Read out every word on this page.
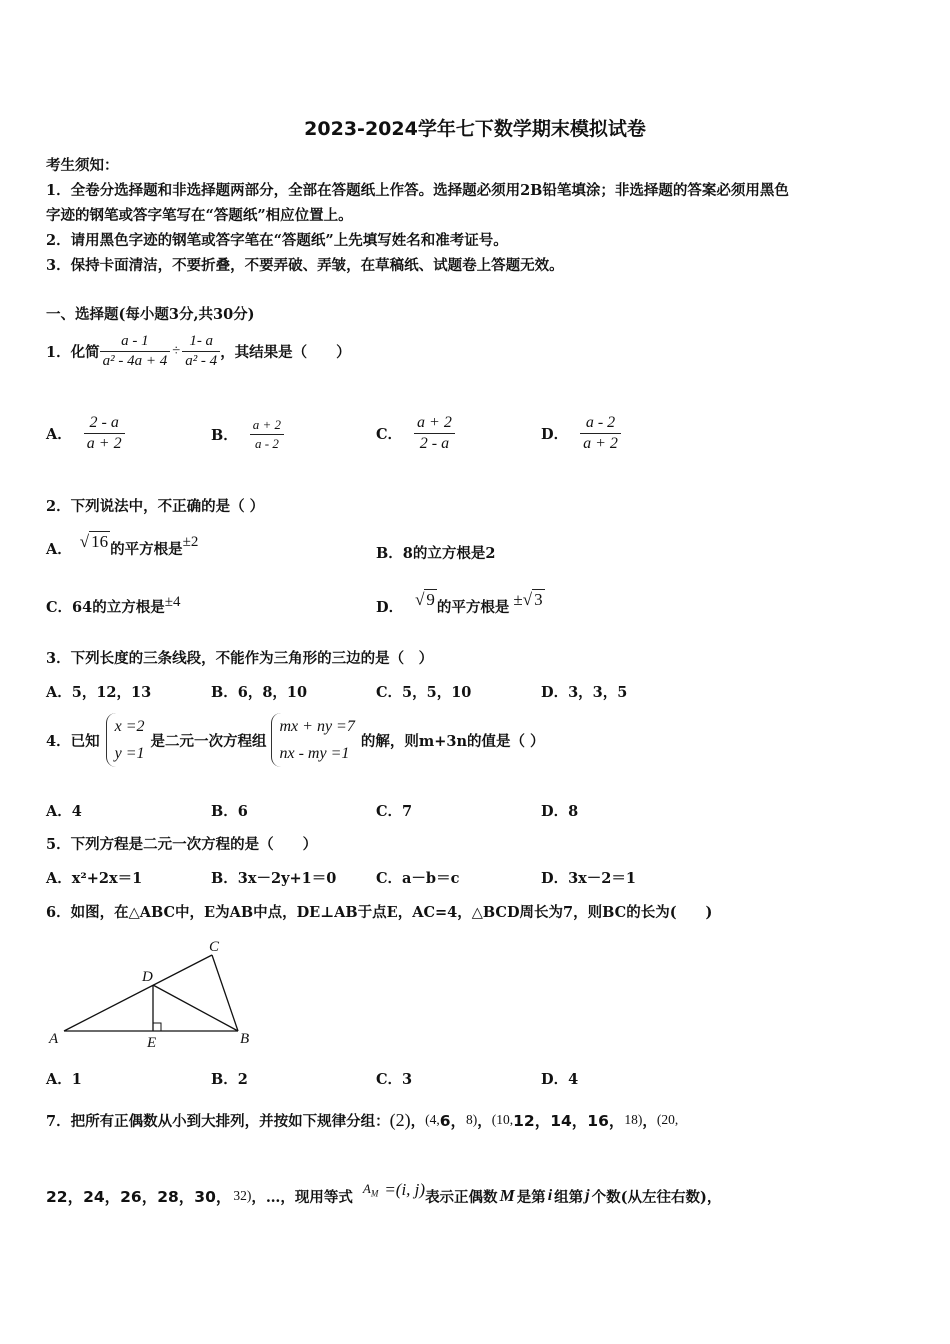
2023-2024学年七下数学期末模拟试卷
考生须知：
1．全卷分选择题和非选择题两部分，全部在答题纸上作答。选择题必须用2B铅笔填涂；非选择题的答案必须用黑色
字迹的钢笔或答字笔写在“答题纸”相应位置上。
2．请用黑色字迹的钢笔或答字笔在“答题纸”上先填写姓名和准考证号。
3．保持卡面清洁，不要折叠，不要弄破、弄皱，在草稿纸、试题卷上答题无效。
一、选择题(每小题3分,共30分)
1．化简 $\frac{a - 1}{\text{a² - 4a + 4}} \div \frac{1- a}{\text{a² - 4}}$ ，其结果是（　　）
A． $\frac{2 - a}{a + 2}$	B． $\frac{a + 2}{a - 2}$	C． $\frac{a + 2}{2 - a}$	D． $\frac{a - 2}{a + 2}$
2．下列说法中，不正确的是（ ）
A． √ 16 的平方根是 ±2
B．8的立方根是2
C．64的立方根是 ±4	D． √ 9 的平方根是 ±√ 3
3．下列长度的三条线段，不能作为三角形的三边的是（　）
A．5，12，13	B．6，8，10	C．5，5，10	D．3，3，5
4．已知
x =2
y =1
是二元一次方程组
mx + ny =7
nx - my =1
的解，则m+3n的值是（ ）
A．4	B．6	C．7	D．8
5．下列方程是二元一次方程的是（　　）
A．x²+2x＝1	B．3x－2y+1＝0	C．a－b＝c	D．3x－2＝1
6．如图，在△ABC中，E为AB中点，DE⊥AB于点E，AC=4，△BCD周长为7，则BC的长为(　　)
A	B
C
D
E
A．1	B．2	C．3	D．4
7．把所有正偶数从小到大排列，并按如下规律分组： (2) ， (4, 6， 8) ， (10, 12，14，16， 18) ， (20,
22，24，26，28，30， 32) ，…，现用等式 $A_M =(i$, j) 表示正偶数 M 是第 i 组第 j 个数 (从左往右数)，
